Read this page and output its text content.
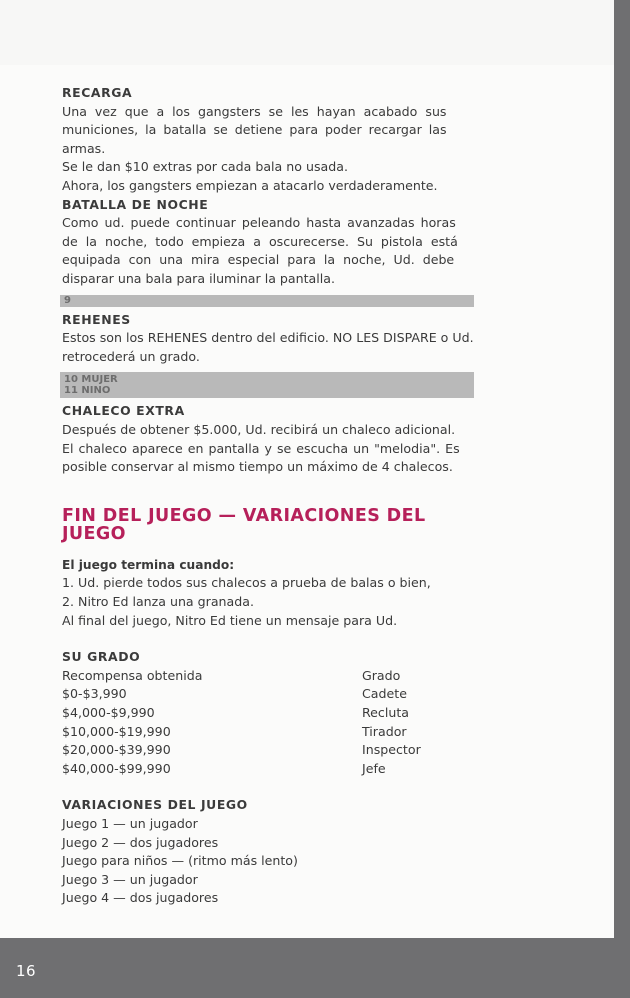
RECARGA
Una vez que a los gangsters se les hayan acabado sus
municiones, la batalla se detiene para poder recargar las
armas.
Se le dan $10 extras por cada bala no usada.
Ahora, los gangsters empiezan a atacarlo verdaderamente.
BATALLA DE NOCHE
Como ud. puede continuar peleando hasta avanzadas horas
de la noche, todo empieza a oscurecerse. Su pistola está
equipada con una mira especial para la noche, Ud. debe
disparar una bala para iluminar la pantalla.
9
REHENES
Estos son los REHENES dentro del edificio. NO LES DISPARE o Ud.
retrocederá un grado.
10 MUJER
11 NINO
CHALECO EXTRA
Después de obtener $5.000, Ud. recibirá un chaleco adicional.
El chaleco aparece en pantalla y se escucha un "melodia". Es
posible conservar al mismo tiempo un máximo de 4 chalecos.
FIN DEL JUEGO — VARIACIONES DEL JUEGO
El juego termina cuando:
1. Ud. pierde todos sus chalecos a prueba de balas o bien,
2. Nitro Ed lanza una granada.
Al final del juego, Nitro Ed tiene un mensaje para Ud.
SU GRADO
Recompensa obtenida	Grado
$0-$3,990	Cadete
$4,000-$9,990	Recluta
$10,000-$19,990	Tirador
$20,000-$39,990	Inspector
$40,000-$99,990	Jefe
VARIACIONES DEL JUEGO
Juego 1 — un jugador
Juego 2 — dos jugadores
Juego para niños — (ritmo más lento)
Juego 3 — un jugador
Juego 4 — dos jugadores
16
